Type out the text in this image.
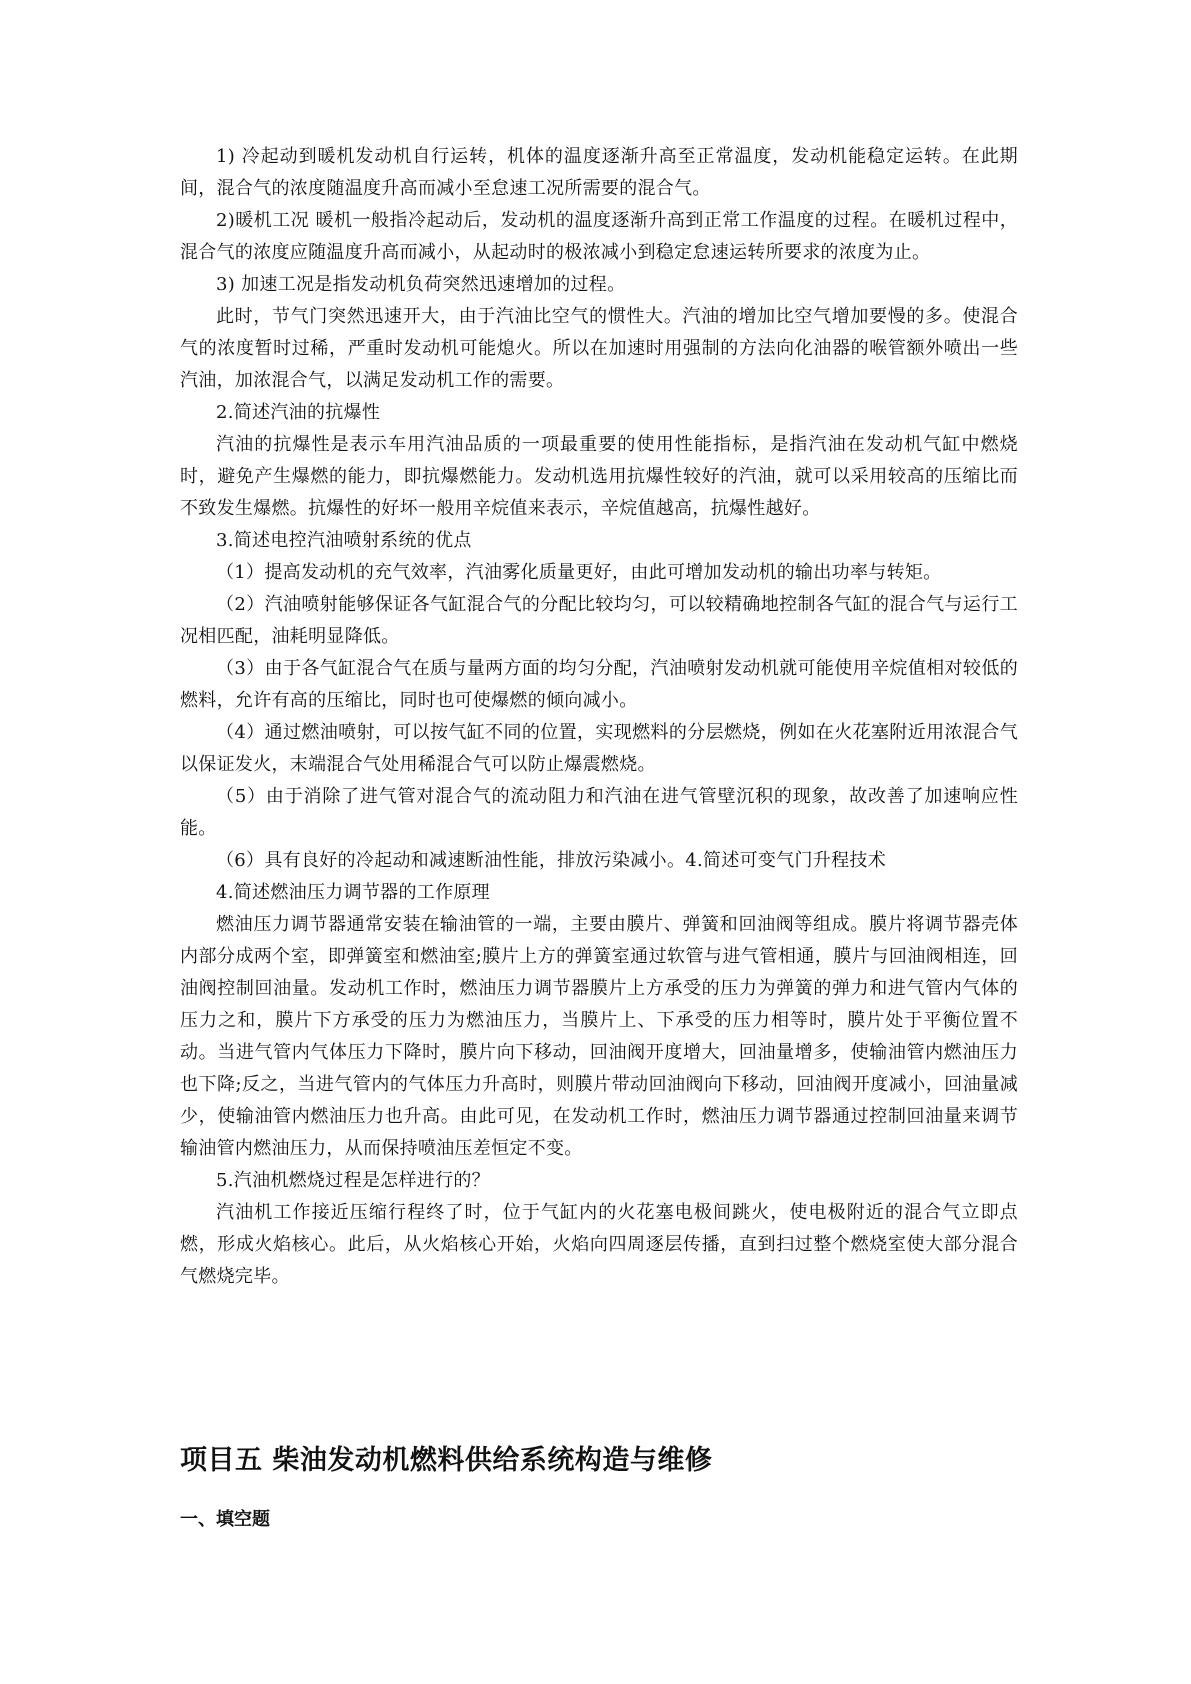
1) 冷起动到暖机发动机自行运转，机体的温度逐渐升高至正常温度，发动机能稳定运转。在此期间，混合气的浓度随温度升高而减小至怠速工况所需要的混合气。

2)暖机工况 暖机一般指冷起动后，发动机的温度逐渐升高到正常工作温度的过程。在暖机过程中，混合气的浓度应随温度升高而减小，从起动时的极浓减小到稳定怠速运转所要求的浓度为止。

3) 加速工况是指发动机负荷突然迅速增加的过程。

此时，节气门突然迅速开大，由于汽油比空气的惯性大。汽油的增加比空气增加要慢的多。使混合气的浓度暂时过稀，严重时发动机可能熄火。所以在加速时用强制的方法向化油器的喉管额外喷出一些汽油，加浓混合气，以满足发动机工作的需要。

2.简述汽油的抗爆性

汽油的抗爆性是表示车用汽油品质的一项最重要的使用性能指标，是指汽油在发动机气缸中燃烧时，避免产生爆燃的能力，即抗爆燃能力。发动机选用抗爆性较好的汽油，就可以采用较高的压缩比而不致发生爆燃。抗爆性的好坏一般用辛烷值来表示，辛烷值越高，抗爆性越好。

3.简述电控汽油喷射系统的优点

（1）提高发动机的充气效率，汽油雾化质量更好，由此可增加发动机的输出功率与转矩。

（2）汽油喷射能够保证各气缸混合气的分配比较均匀，可以较精确地控制各气缸的混合气与运行工况相匹配，油耗明显降低。

（3）由于各气缸混合气在质与量两方面的均匀分配，汽油喷射发动机就可能使用辛烷值相对较低的燃料，允许有高的压缩比，同时也可使爆燃的倾向减小。

（4）通过燃油喷射，可以按气缸不同的位置，实现燃料的分层燃烧，例如在火花塞附近用浓混合气以保证发火，末端混合气处用稀混合气可以防止爆震燃烧。

（5）由于消除了进气管对混合气的流动阻力和汽油在进气管壁沉积的现象，故改善了加速响应性能。

（6）具有良好的冷起动和减速断油性能，排放污染减小。4.简述可变气门升程技术

4.简述燃油压力调节器的工作原理

燃油压力调节器通常安装在输油管的一端，主要由膜片、弹簧和回油阀等组成。膜片将调节器壳体内部分成两个室，即弹簧室和燃油室;膜片上方的弹簧室通过软管与进气管相通，膜片与回油阀相连，回油阀控制回油量。发动机工作时，燃油压力调节器膜片上方承受的压力为弹簧的弹力和进气管内气体的压力之和，膜片下方承受的压力为燃油压力，当膜片上、下承受的压力相等时，膜片处于平衡位置不动。当进气管内气体压力下降时，膜片向下移动，回油阀开度增大，回油量增多，使输油管内燃油压力也下降;反之，当进气管内的气体压力升高时，则膜片带动回油阀向下移动，回油阀开度减小，回油量减少，使输油管内燃油压力也升高。由此可见，在发动机工作时，燃油压力调节器通过控制回油量来调节输油管内燃油压力，从而保持喷油压差恒定不变。

5.汽油机燃烧过程是怎样进行的？

汽油机工作接近压缩行程终了时，位于气缸内的火花塞电极间跳火，使电极附近的混合气立即点燃，形成火焰核心。此后，从火焰核心开始，火焰向四周逐层传播，直到扫过整个燃烧室使大部分混合气燃烧完毕。

项目五 柴油发动机燃料供给系统构造与维修
一、填空题
